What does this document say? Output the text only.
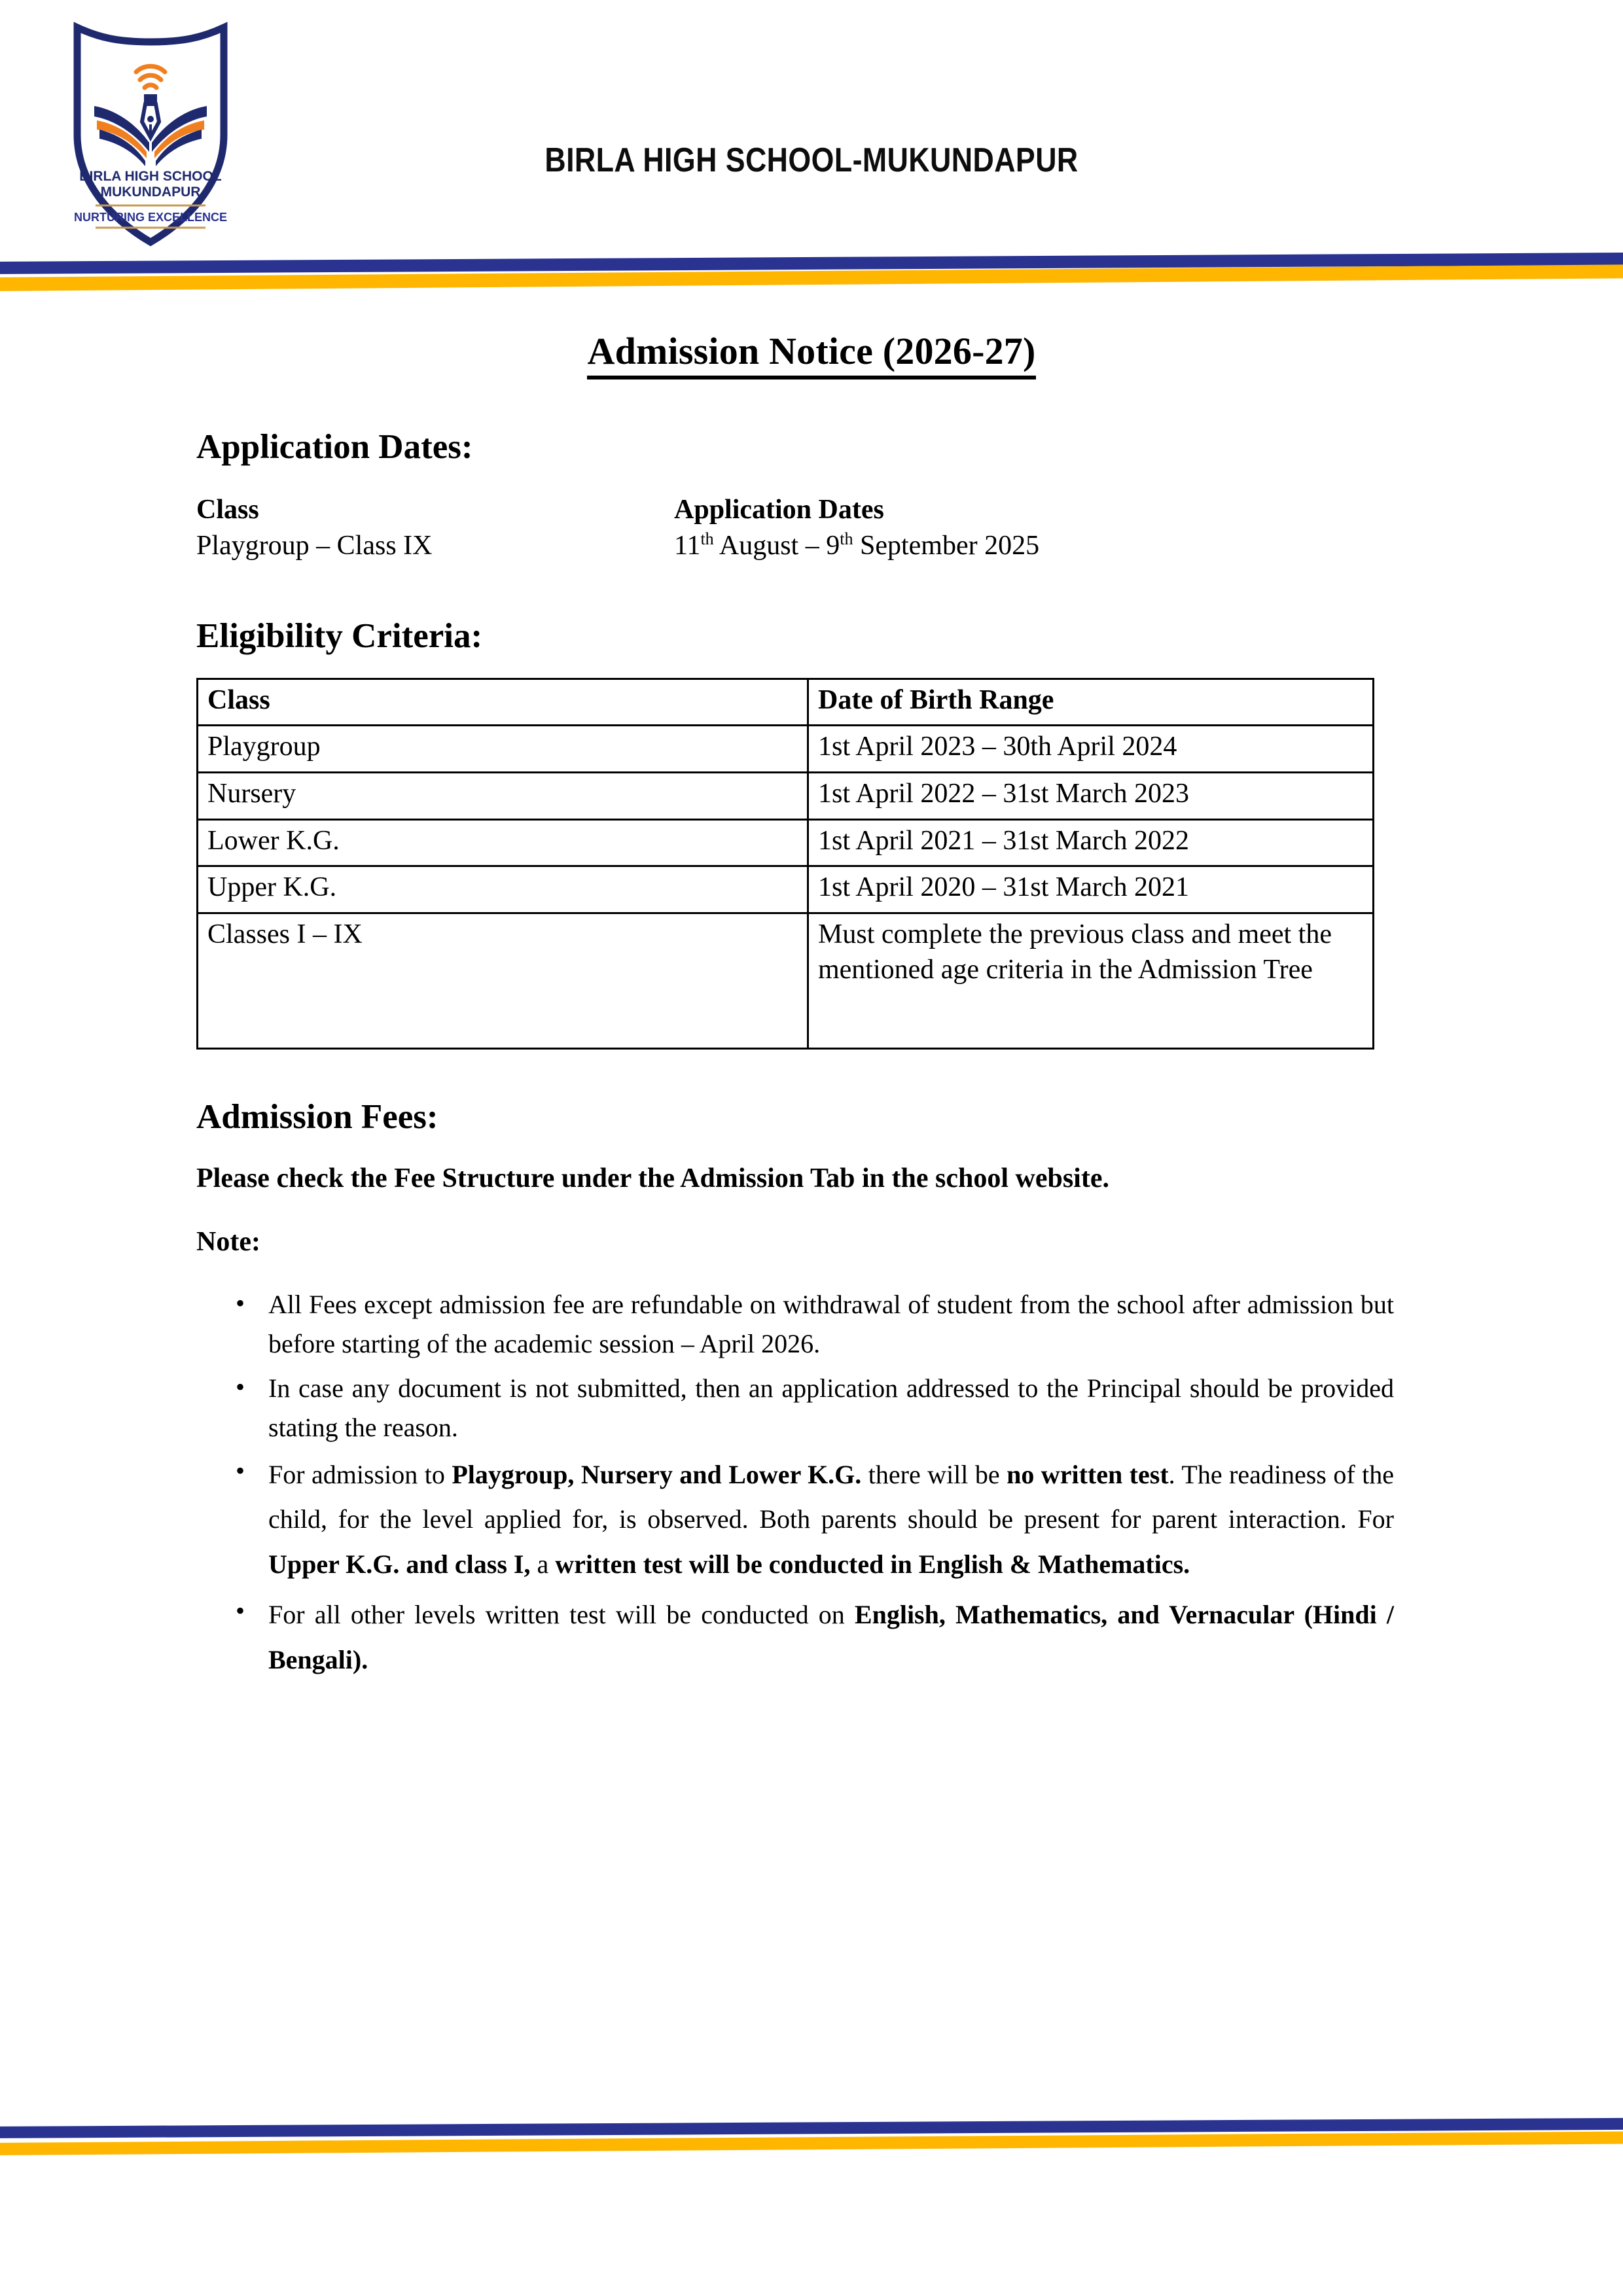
BIRLA HIGH SCHOOL
MUKUNDAPUR
NURTURING EXCELLENCE
BIRLA HIGH SCHOOL-MUKUNDAPUR
Admission Notice (2026-27)
Application Dates:
Class	Application Dates
Playgroup – Class IX	11th August – 9th September 2025
Eligibility Criteria:
Class	Date of Birth Range
Playgroup	1st April 2023 – 30th April 2024
Nursery	1st April 2022 – 31st March 2023
Lower K.G.	1st April 2021 – 31st March 2022
Upper K.G.	1st April 2020 – 31st March 2021
Classes I – IX	Must complete the previous class and meet the mentioned age criteria in the Admission Tree
Admission Fees:

Please check the Fee Structure under the Admission Tab in the school website.

Note:

• All Fees except admission fee are refundable on withdrawal of student from the school after admission but before starting of the academic session – April 2026.
• In case any document is not submitted, then an application addressed to the Principal should be provided stating the reason.
• For admission to Playgroup, Nursery and Lower K.G. there will be no written test. The readiness of the child, for the level applied for, is observed. Both parents should be present for parent interaction. For Upper K.G. and class I, a written test will be conducted in English & Mathematics.
• For all other levels written test will be conducted on English, Mathematics, and Vernacular (Hindi / Bengali).
